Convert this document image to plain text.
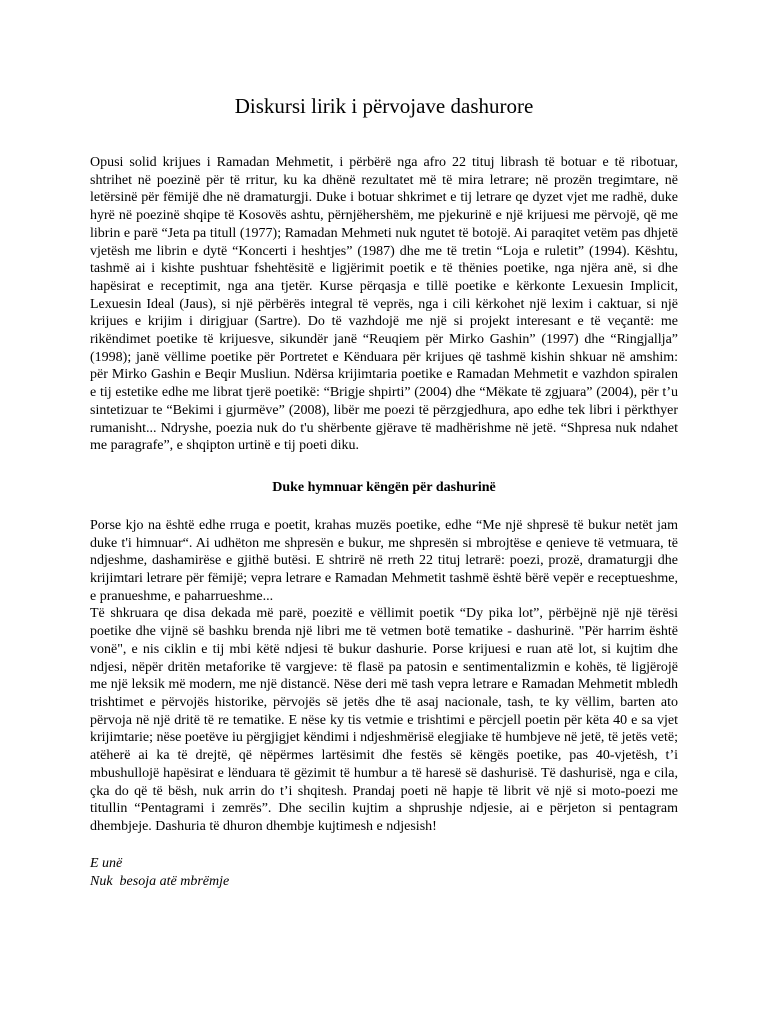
Diskursi lirik i përvojave dashurore

Opusi solid krijues i Ramadan Mehmetit, i përbërë nga afro 22 tituj librash të botuar e të ribotuar, shtrihet në poezinë për të rritur, ku ka dhënë rezultatet më të mira letrare; në prozën tregimtare, në letërsinë për fëmijë dhe në dramaturgji. Duke i botuar shkrimet e tij letrare qe dyzet vjet me radhë, duke hyrë në poezinë shqipe të Kosovës ashtu, përnjëhershëm, me pjekurinë e një krijuesi me përvojë, që me librin e parë “Jeta pa titull (1977); Ramadan Mehmeti nuk ngutet të botojë. Ai paraqitet vetëm pas dhjetë vjetësh me librin e dytë “Koncerti i heshtjes” (1987) dhe me të tretin “Loja e ruletit” (1994). Kështu, tashmë ai i kishte pushtuar fshehtësitë e ligjërimit poetik e të thënies poetike, nga njëra anë, si dhe hapësirat e receptimit, nga ana tjetër. Kurse përqasja e tillë poetike e kërkonte Lexuesin Implicit, Lexuesin Ideal (Jaus), si një përbërës integral të veprës, nga i cili kërkohet një lexim i caktuar, si një krijues e krijim i dirigjuar (Sartre). Do të vazhdojë me një si projekt interesant e të veçantë: me rikëndimet poetike të krijuesve, sikundër janë “Reuqiem për Mirko Gashin” (1997) dhe “Ringjallja” (1998); janë vëllime poetike për Portretet e Kënduara për krijues që tashmë kishin shkuar në amshim: për Mirko Gashin e Beqir Musliun. Ndërsa krijimtaria poetike e Ramadan Mehmetit e vazhdon spiralen e tij estetike edhe me librat tjerë poetikë: “Brigje shpirti” (2004) dhe “Mëkate të zgjuara” (2004), për t’u sintetizuar te “Bekimi i gjurmëve” (2008), libër me poezi të përzgjedhura, apo edhe tek libri i përkthyer rumanisht... Ndryshe, poezia nuk do t'u shërbente gjërave të madhërishme në jetë. “Shpresa nuk ndahet me paragrafe”, e shqipton urtinë e tij poeti diku.

Duke hymnuar këngën për dashurinë

Porse kjo na është edhe rruga e poetit, krahas muzës poetike, edhe “Me një shpresë të bukur netët jam duke t'i himnuar“. Ai udhëton me shpresën e bukur, me shpresën si mbrojtëse e qenieve të vetmuara, të ndjeshme, dashamirëse e gjithë butësi. E shtrirë në rreth 22 tituj letrarë: poezi, prozë, dramaturgji dhe krijimtari letrare për fëmijë; vepra letrare e Ramadan Mehmetit tashmë është bërë vepër e receptueshme, e pranueshme, e paharrueshme...

Të shkruara qe disa dekada më parë, poezitë e vëllimit poetik “Dy pika lot”, përbëjnë një një tërësi poetike dhe vijnë së bashku brenda një libri me të vetmen botë tematike - dashurinë. "Për harrim është vonë", e nis ciklin e tij mbi këtë ndjesi të bukur dashurie. Porse krijuesi e ruan atë lot, si kujtim dhe ndjesi, nëpër dritën metaforike të vargjeve: të flasë pa patosin e sentimentalizmin e kohës, të ligjërojë me një leksik më modern, me një distancë. Nëse deri më tash vepra letrare e Ramadan Mehmetit mbledh trishtimet e përvojës historike, përvojës së jetës dhe të asaj nacionale, tash, te ky vëllim, barten ato përvoja në një dritë të re tematike. E nëse ky tis vetmie e trishtimi e përcjell poetin për këta 40 e sa vjet krijimtarie; nëse poetëve iu përgjigjet këndimi i ndjeshmërisë elegjiake të humbjeve në jetë, të jetës vetë; atëherë ai ka të drejtë, që nëpërmes lartësimit dhe festës së këngës poetike, pas 40-vjetësh, t’i mbushullojë hapësirat e lënduara të gëzimit të humbur a të haresë së dashurisë. Të dashurisë, nga e cila, çka do që të bësh, nuk arrin do t’i shqitesh. Prandaj poeti në hapje të librit vë një si moto-poezi me titullin “Pentagrami i zemrës”. Dhe secilin kujtim a shprushje ndjesie, ai e përjeton si pentagram dhembjeje. Dashuria të dhuron dhembje kujtimesh e ndjesish!

E unë
Nuk  besoja atë mbrëmje
